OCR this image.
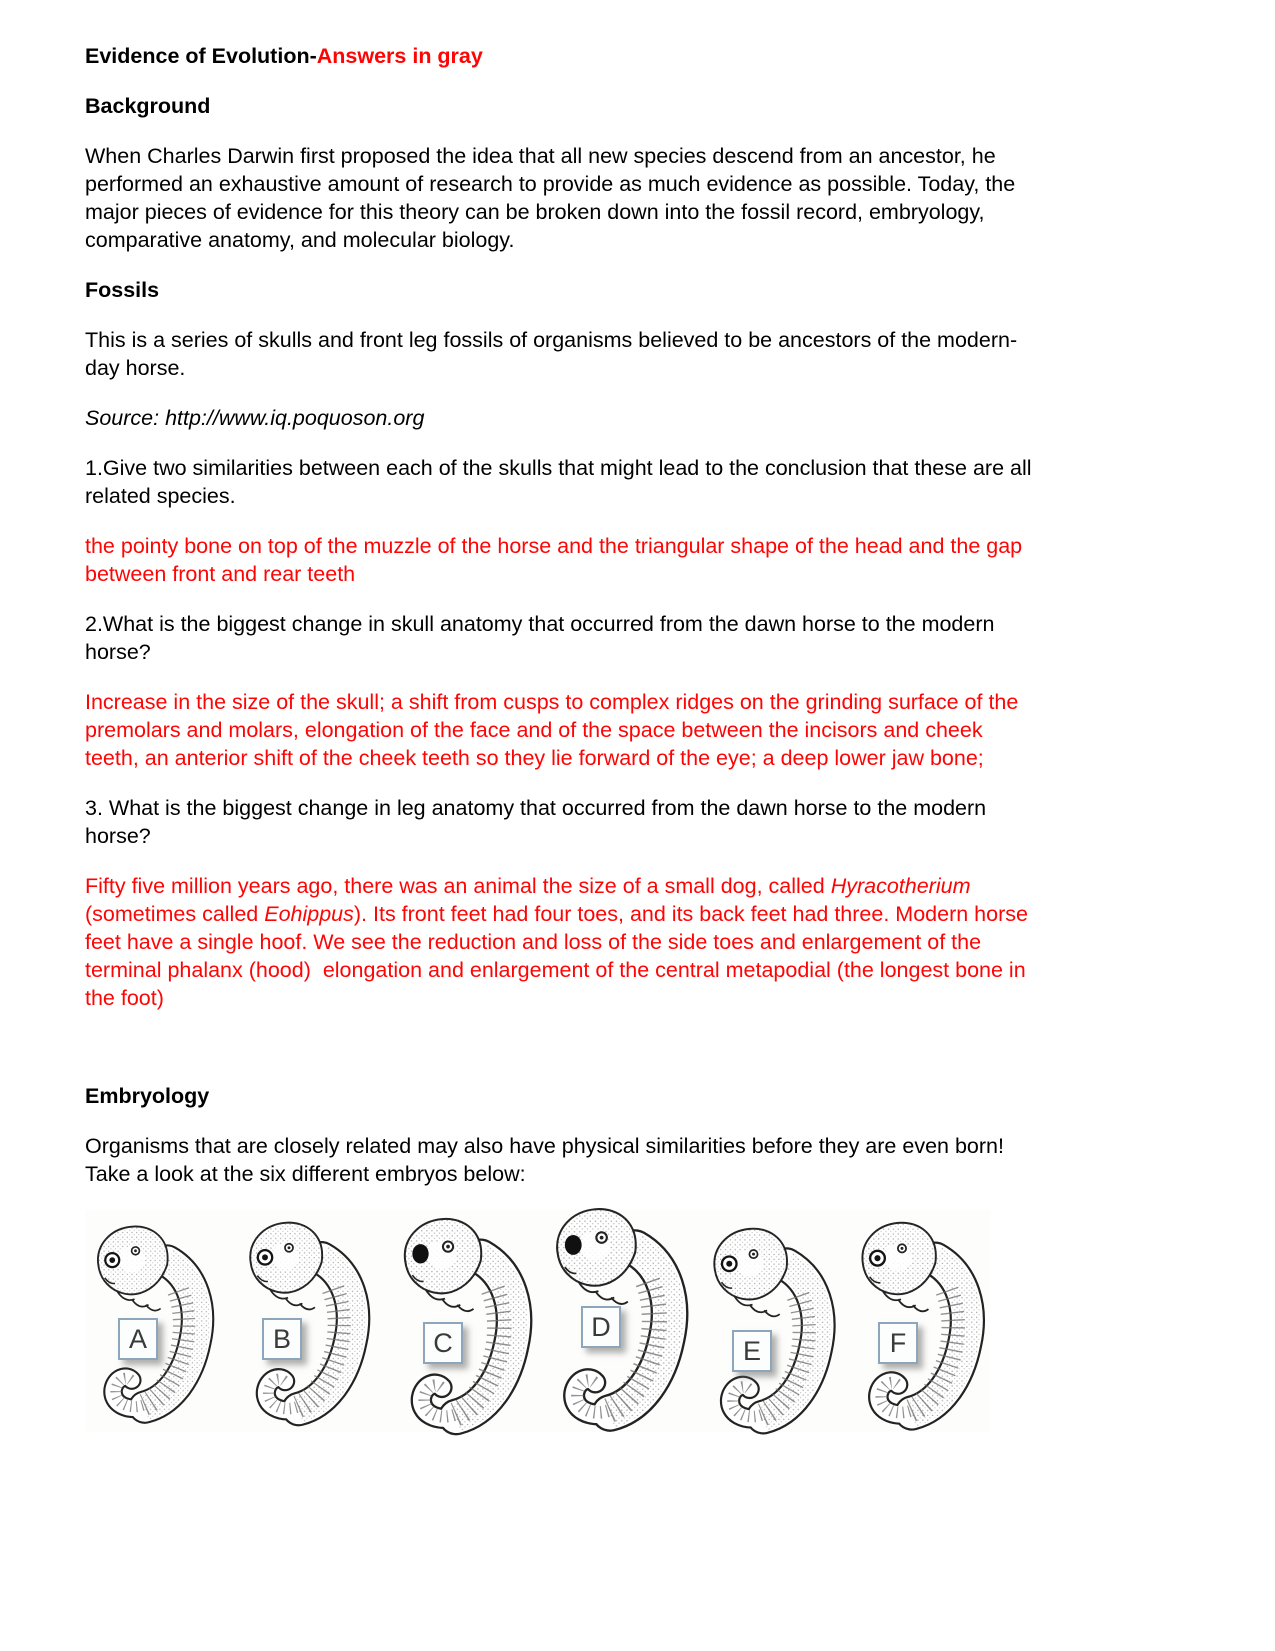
Evidence of Evolution-Answers in gray
Background
When Charles Darwin first proposed the idea that all new species descend from an ancestor, he
performed an exhaustive amount of research to provide as much evidence as possible. Today, the
major pieces of evidence for this theory can be broken down into the fossil record, embryology,
comparative anatomy, and molecular biology.
Fossils
This is a series of skulls and front leg fossils of organisms believed to be ancestors of the modern-
day horse.
Source: http://www.iq.poquoson.org
1.Give two similarities between each of the skulls that might lead to the conclusion that these are all
related species.
the pointy bone on top of the muzzle of the horse and the triangular shape of the head and the gap
between front and rear teeth
2.What is the biggest change in skull anatomy that occurred from the dawn horse to the modern
horse?
Increase in the size of the skull; a shift from cusps to complex ridges on the grinding surface of the
premolars and molars, elongation of the face and of the space between the incisors and cheek
teeth, an anterior shift of the cheek teeth so they lie forward of the eye; a deep lower jaw bone;
3. What is the biggest change in leg anatomy that occurred from the dawn horse to the modern
horse?
Fifty five million years ago, there was an animal the size of a small dog, called Hyracotherium
(sometimes called Eohippus). Its front feet had four toes, and its back feet had three. Modern horse
feet have a single hoof. We see the reduction and loss of the side toes and enlargement of the
terminal phalanx (hood)  elongation and enlargement of the central metapodial (the longest bone in
the foot)
Embryology
Organisms that are closely related may also have physical similarities before they are even born!
Take a look at the six different embryos below:
A	B	C
D
E	F
